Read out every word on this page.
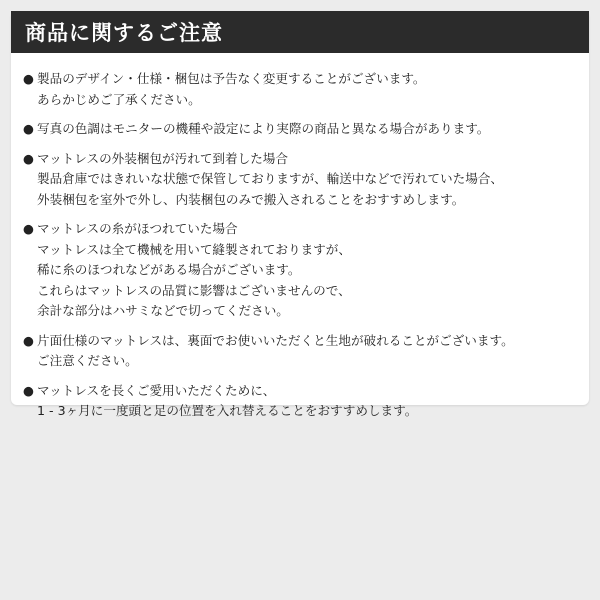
商品に関するご注意
● 製品のデザイン・仕様・梱包は予告なく変更することがございます。
あらかじめご了承ください。
● 写真の色調はモニターの機種や設定により実際の商品と異なる場合があります。
● マットレスの外装梱包が汚れて到着した場合
製品倉庫ではきれいな状態で保管しておりますが、輸送中などで汚れていた場合、
外装梱包を室外で外し、内装梱包のみで搬入されることをおすすめします。
● マットレスの糸がほつれていた場合
マットレスは全て機械を用いて縫製されておりますが、
稀に糸のほつれなどがある場合がございます。
これらはマットレスの品質に影響はございませんので、
余計な部分はハサミなどで切ってください。
● 片面仕様のマットレスは、裏面でお使いいただくと生地が破れることがございます。
ご注意ください。
● マットレスを長くご愛用いただくために、
1 - 3ヶ月に一度頭と足の位置を入れ替えることをおすすめします。
